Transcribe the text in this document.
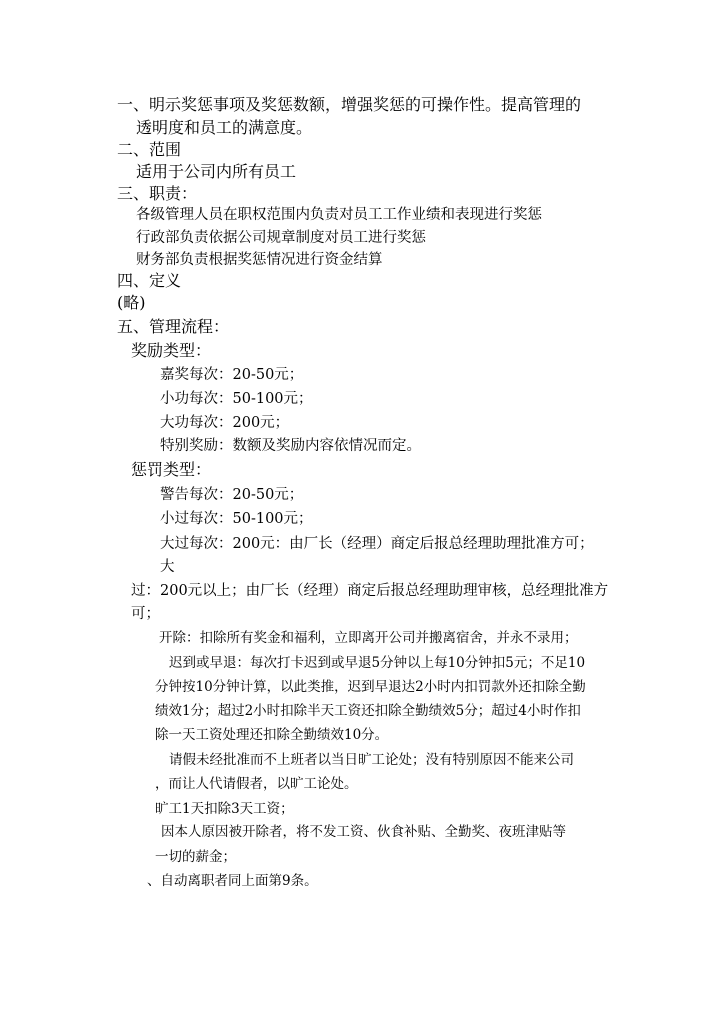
一、明示奖惩事项及奖惩数额，增强奖惩的可操作性。提高管理的
透明度和员工的满意度。
二、范围
适用于公司内所有员工
三、职责：
各级管理人员在职权范围内负责对员工工作业绩和表现进行奖惩
行政部负责依据公司规章制度对员工进行奖惩
财务部负责根据奖惩情况进行资金结算
四、定义
(略)
五、管理流程：
奖励类型：
嘉奖每次：20-50元；
小功每次：50-100元；
大功每次：200元；
特别奖励：数额及奖励内容依情况而定。
惩罚类型：
警告每次：20-50元；
小过每次：50-100元；
大过每次：200元：由厂长（经理）商定后报总经理助理批准方可；
大
过：200元以上；由厂长（经理）商定后报总经理助理审核，总经理批准方
可；
开除：扣除所有奖金和福利，立即离开公司并搬离宿舍，并永不录用；
迟到或早退：每次打卡迟到或早退5分钟以上每10分钟扣5元；不足10
分钟按10分钟计算，以此类推，迟到早退达2小时内扣罚款外还扣除全勤
绩效1分；超过2小时扣除半天工资还扣除全勤绩效5分；超过4小时作扣
除一天工资处理还扣除全勤绩效10分。
请假未经批准而不上班者以当日旷工论处；没有特别原因不能来公司
，而让人代请假者，以旷工论处。
旷工1天扣除3天工资；
因本人原因被开除者，将不发工资、伙食补贴、全勤奖、夜班津贴等
一切的薪金；
、自动离职者同上面第9条。
